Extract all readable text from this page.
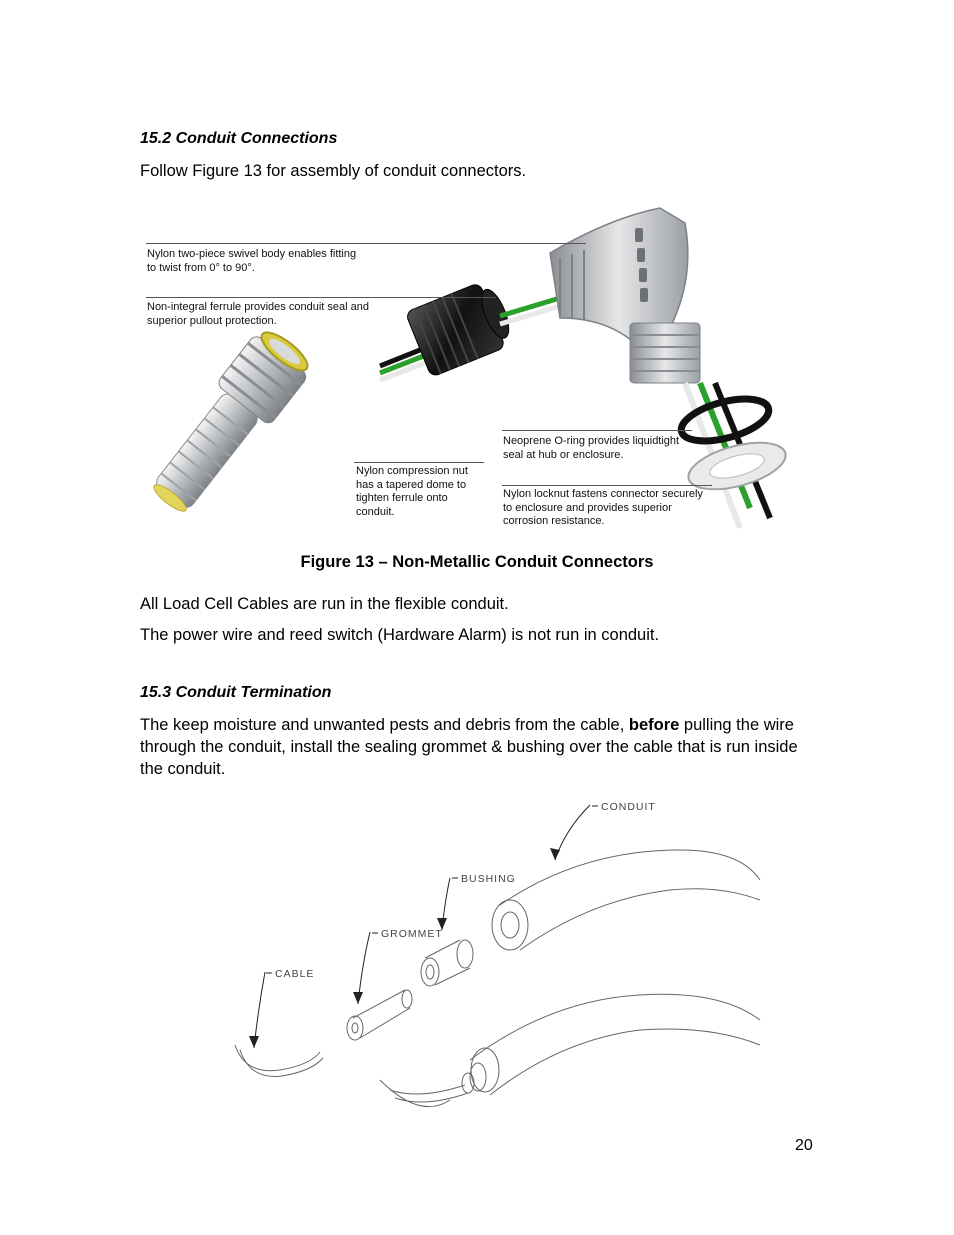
15.2 Conduit Connections
Follow Figure 13 for assembly of conduit connectors.
Nylon two-piece swivel body enables fitting to twist from 0° to 90°.
Non-integral ferrule provides conduit seal and superior pullout protection.
Nylon compression nut has a tapered dome to tighten ferrule onto conduit.
Neoprene O-ring provides liquidtight seal at hub or enclosure.
Nylon locknut fastens connector securely to enclosure and provides superior corrosion resistance.
Figure 13 – Non-Metallic Conduit Connectors
All Load Cell Cables are run in the flexible conduit.
The power wire and reed switch (Hardware Alarm) is not run in conduit.
15.3 Conduit Termination
The keep moisture and unwanted pests and debris from the cable, before pulling the wire through the conduit, install the sealing grommet & bushing over the cable that is run inside the conduit.
CONDUIT
BUSHING
GROMMET
CABLE
20
